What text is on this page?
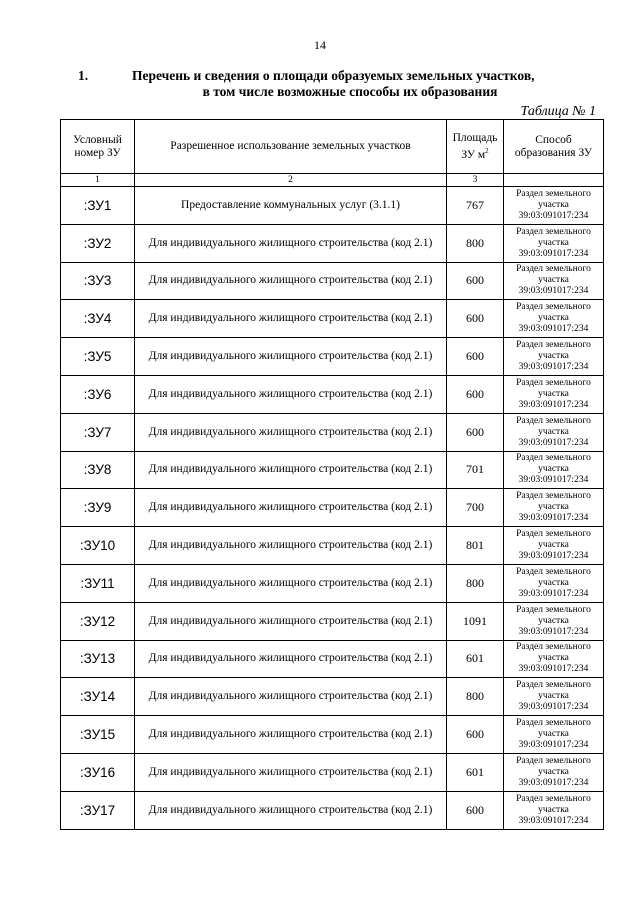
14
1.	Перечень и сведения о площади образуемых земельных участков,
в том числе возможные способы их образования
Таблица № 1
Условный номер ЗУ	Разрешенное использование земельных участков	Площадь ЗУ $м^2$	Способ образования ЗУ
1	2	3	
:ЗУ1	Предоставление коммунальных услуг (3.1.1)	767	Раздел земельного участка 39:03:091017:234
:ЗУ2	Для индивидуального жилищного строительства (код 2.1)	800	Раздел земельного участка 39:03:091017:234
:ЗУ3	Для индивидуального жилищного строительства (код 2.1)	600	Раздел земельного участка 39:03:091017:234
:ЗУ4	Для индивидуального жилищного строительства (код 2.1)	600	Раздел земельного участка 39:03:091017:234
:ЗУ5	Для индивидуального жилищного строительства (код 2.1)	600	Раздел земельного участка 39:03:091017:234
:ЗУ6	Для индивидуального жилищного строительства (код 2.1)	600	Раздел земельного участка 39:03:091017:234
:ЗУ7	Для индивидуального жилищного строительства (код 2.1)	600	Раздел земельного участка 39:03:091017:234
:ЗУ8	Для индивидуального жилищного строительства (код 2.1)	701	Раздел земельного участка 39:03:091017:234
:ЗУ9	Для индивидуального жилищного строительства (код 2.1)	700	Раздел земельного участка 39:03:091017:234
:ЗУ10	Для индивидуального жилищного строительства (код 2.1)	801	Раздел земельного участка 39:03:091017:234
:ЗУ11	Для индивидуального жилищного строительства (код 2.1)	800	Раздел земельного участка 39:03:091017:234
:ЗУ12	Для индивидуального жилищного строительства (код 2.1)	1091	Раздел земельного участка 39:03:091017:234
:ЗУ13	Для индивидуального жилищного строительства (код 2.1)	601	Раздел земельного участка 39:03:091017:234
:ЗУ14	Для индивидуального жилищного строительства (код 2.1)	800	Раздел земельного участка 39:03:091017:234
:ЗУ15	Для индивидуального жилищного строительства (код 2.1)	600	Раздел земельного участка 39:03:091017:234
:ЗУ16	Для индивидуального жилищного строительства (код 2.1)	601	Раздел земельного участка 39:03:091017:234
:ЗУ17	Для индивидуального жилищного строительства (код 2.1)	600	Раздел земельного участка 39:03:091017:234
